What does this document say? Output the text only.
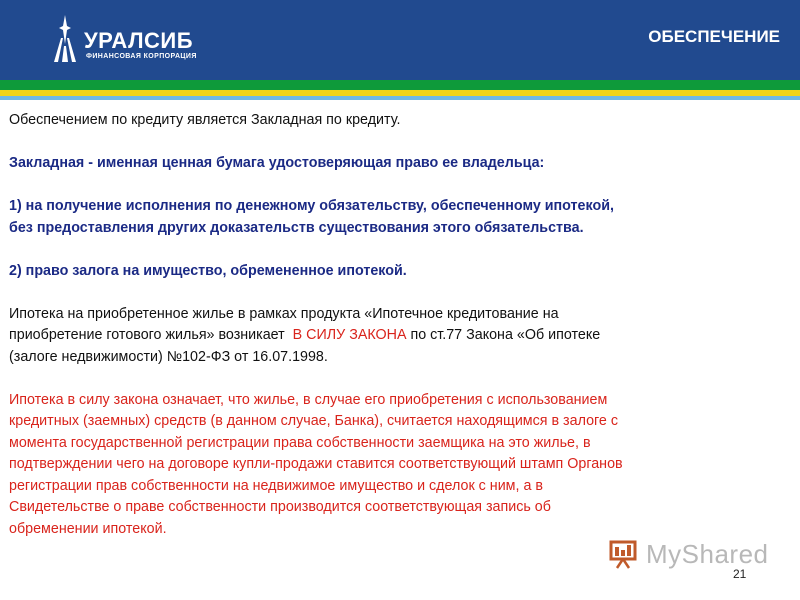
УРАЛСИБ
ФИНАНСОВАЯ КОРПОРАЦИЯ
ОБЕСПЕЧЕНИЕ

Обеспечением по кредиту является Закладная по кредиту.

Закладная - именная ценная бумага удостоверяющая право ее владельца:

1) на получение исполнения по денежному обязательству, обеспеченному ипотекой,

без предоставления других доказательств существования этого обязательства.

2) право залога на имущество, обремененное ипотекой.

Ипотека на приобретенное жилье в рамках продукта «Ипотечное кредитование на

приобретение готового жилья» возникает  В СИЛУ ЗАКОНА по ст.77 Закона «Об ипотеке

(залоге недвижимости) №102-ФЗ от 16.07.1998.

Ипотека в силу закона означает, что жилье, в случае его приобретения с использованием

кредитных (заемных) средств (в данном случае, Банка), считается находящимся в залоге с

момента государственной регистрации права собственности заемщика на это жилье, в

подтверждении чего на договоре купли-продажи ставится соответствующий штамп Органов

регистрации прав собственности на недвижимое имущество и сделок с ним, а в

Свидетельстве о праве собственности производится соответствующая запись об

обременении ипотекой.

MyShared
21
